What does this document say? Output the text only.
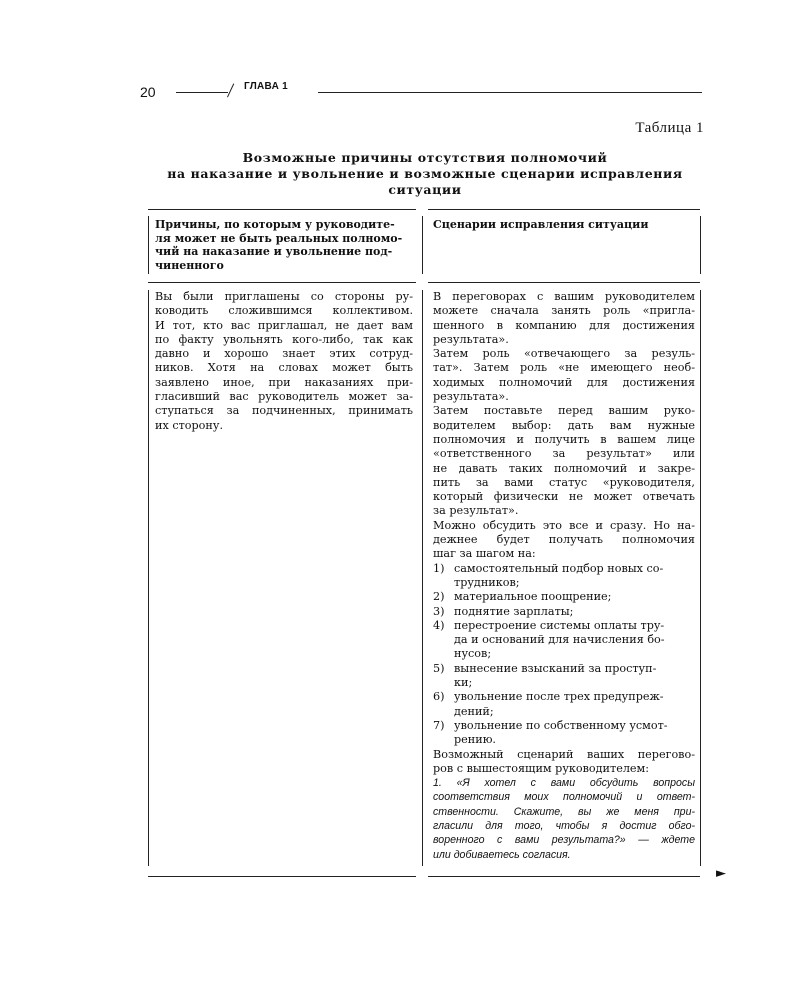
20	ГЛАВА 1
Таблица 1
Возможные причины отсутствия полномочий
на наказание и увольнение и возможные сценарии исправления
ситуации
Причины, по которым у руководите-
ля может не быть реальных полномо-
чий на наказание и увольнение под-
чиненного
Сценарии исправления ситуации
Вы были приглашены со стороны ру-
ководить сложившимся коллективом.
И тот, кто вас приглашал, не дает вам
по факту увольнять кого-либо, так как
давно и хорошо знает этих сотруд-
ников. Хотя на словах может быть
заявлено иное, при наказаниях при-
гласивший вас руководитель может за-
ступаться за подчиненных, принимать
их сторону.
В переговорах с вашим руководителем
можете сначала занять роль «пригла-
шенного в компанию для достижения
результата».
Затем роль «отвечающего за резуль-
тат». Затем роль «не имеющего необ-
ходимых полномочий для достижения
результата».
Затем поставьте перед вашим руко-
водителем выбор: дать вам нужные
полномочия и получить в вашем лице
«ответственного за результат» или
не давать таких полномочий и закре-
пить за вами статус «руководителя,
который физически не может отвечать
за результат».
Можно обсудить это все и сразу. Но на-
дежнее будет получать полномочия
шаг за шагом на:
1) самостоятельный подбор новых со-
трудников;
2) материальное поощрение;
3) поднятие зарплаты;
4) перестроение системы оплаты тру-
да и оснований для начисления бо-
нусов;
5) вынесение взысканий за проступ-
ки;
6) увольнение после трех предупреж-
дений;
7) увольнение по собственному усмот-
рению.
Возможный сценарий ваших перегово-
ров с вышестоящим руководителем:
1. «Я хотел с вами обсудить вопросы
соответствия моих полномочий и ответ-
ственности. Скажите, вы же меня при-
гласили для того, чтобы я достиг обго-
воренного с вами результата?» — ждете
или добиваетесь согласия.
►
